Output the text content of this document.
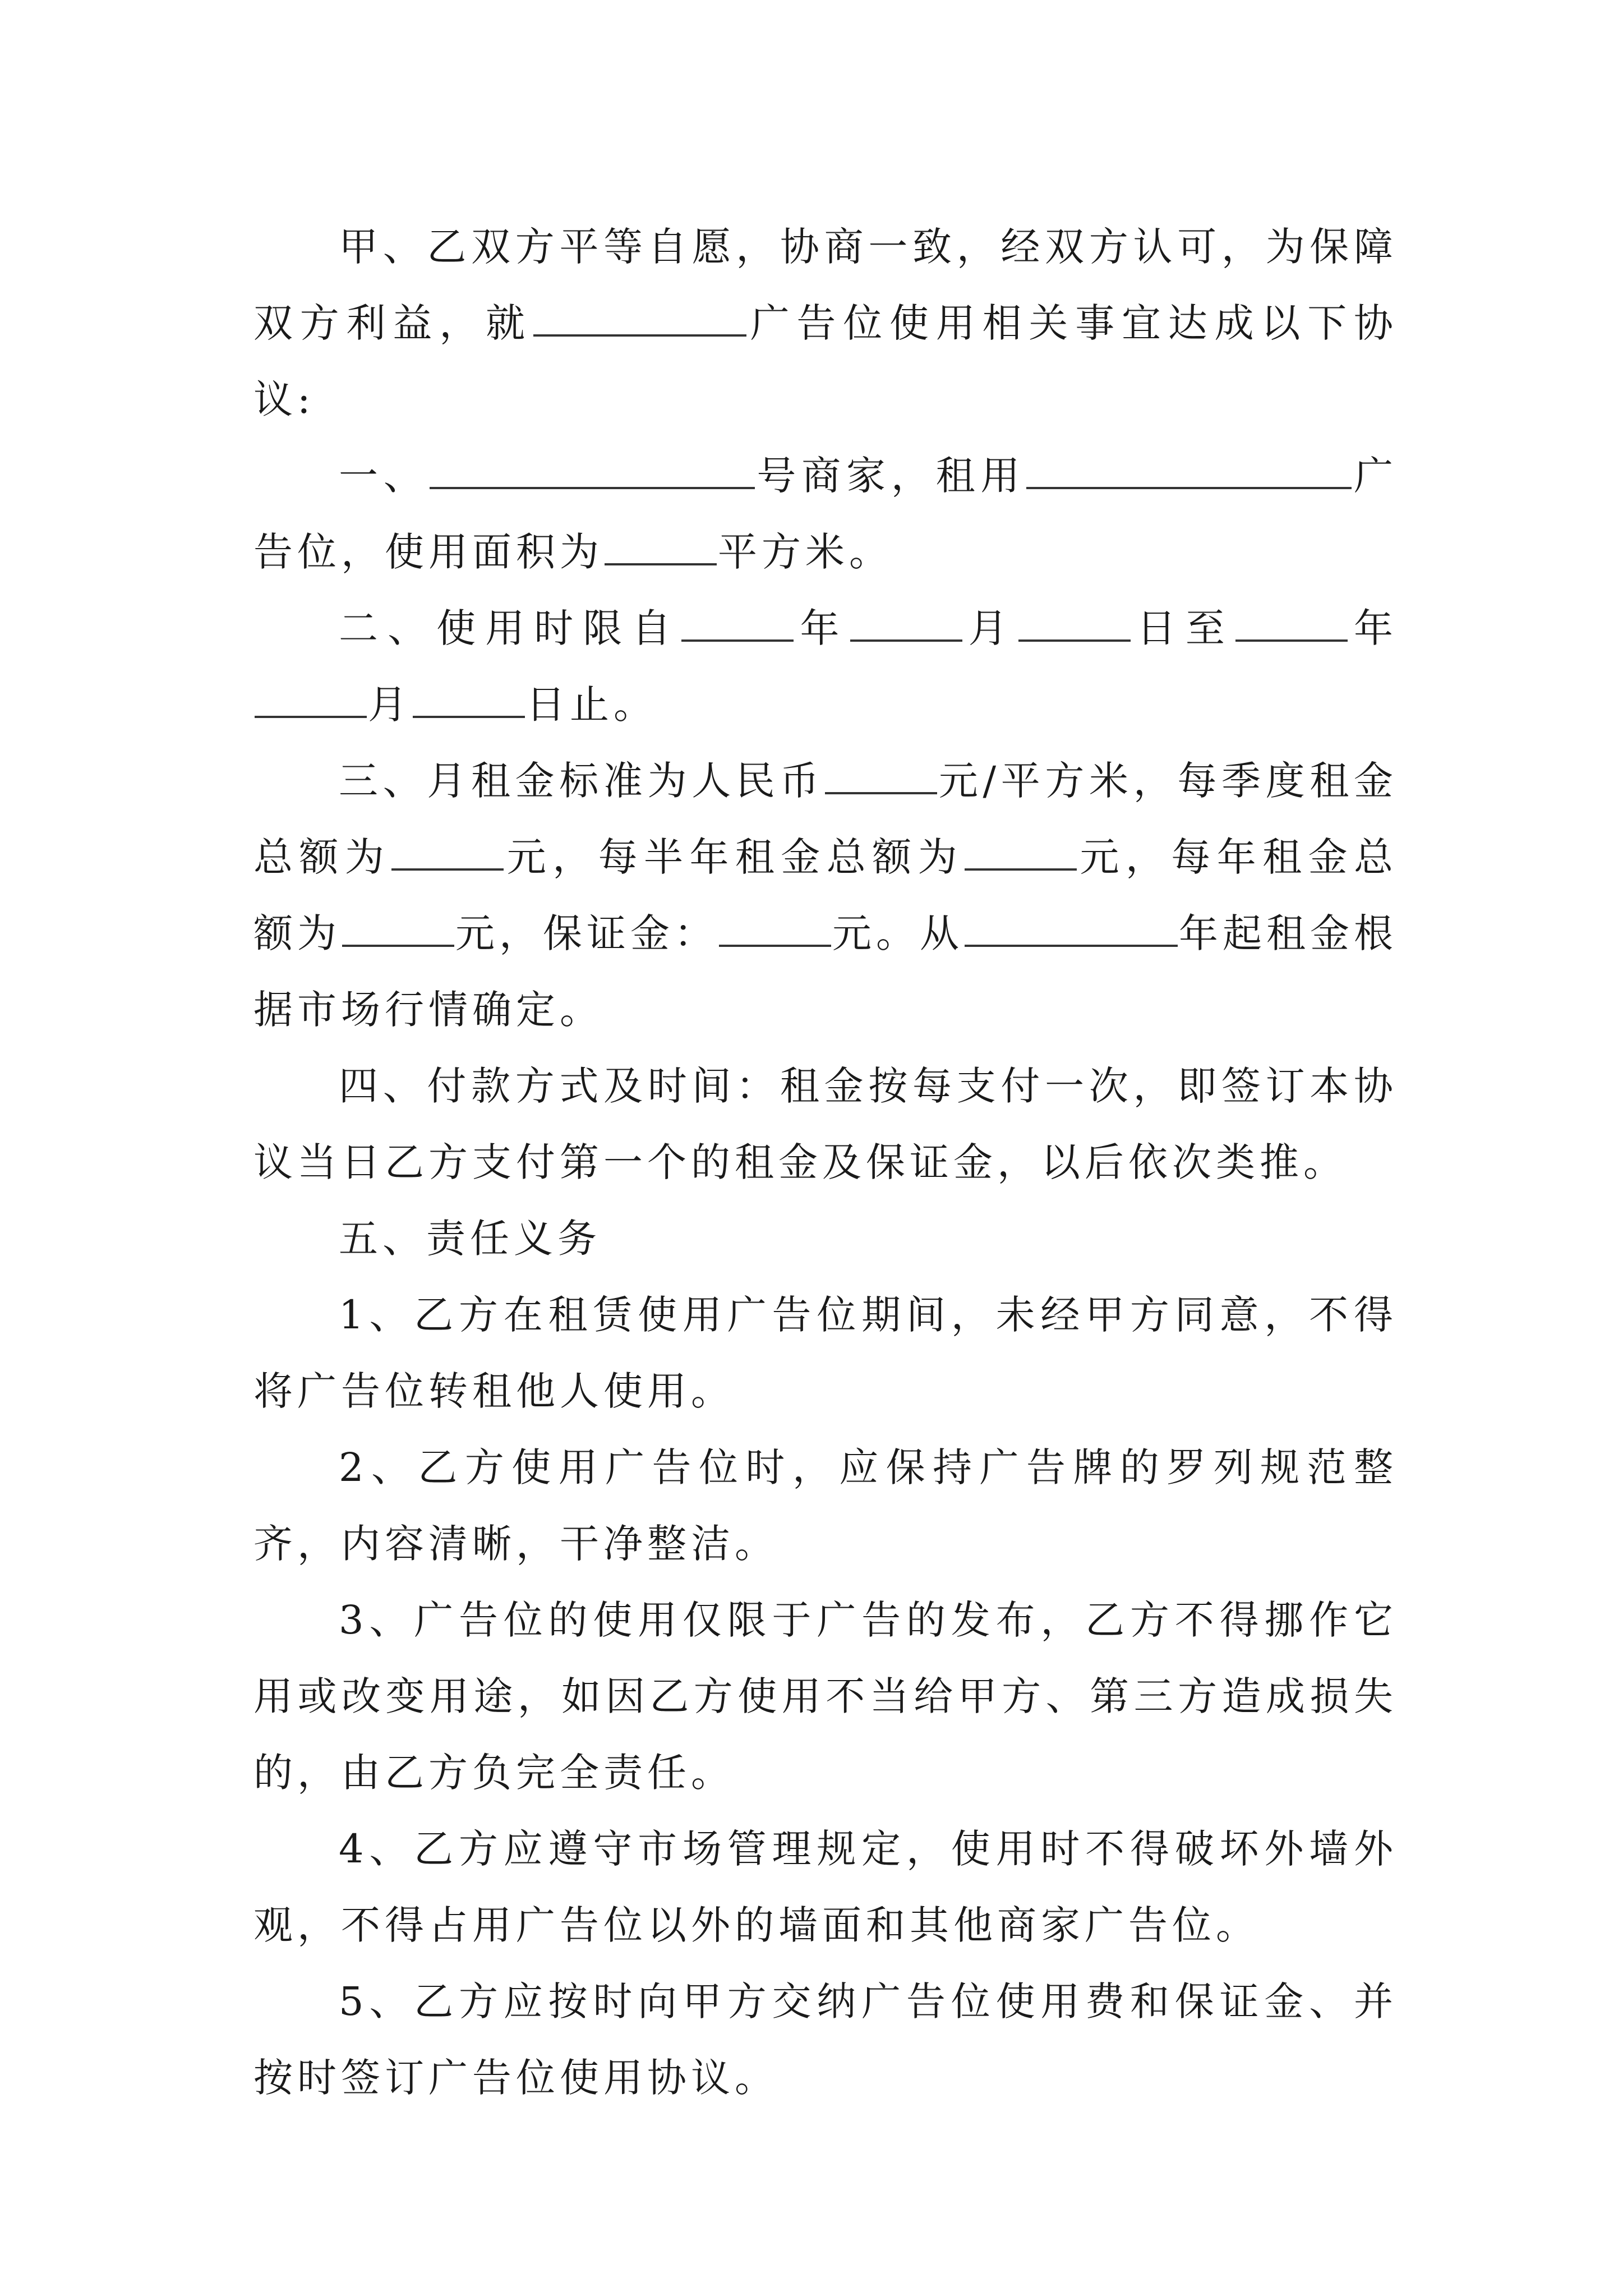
甲、乙双方平等自愿，协商一致，经双方认可，为保障双方利益，就	广告位使用相关事宜达成以下协议:

一、	号商家，租用	广告位，使用面积为	平方米。

二、使用时限自	年	月	日至	年月	日止。

三、月租金标准为人民币	元/平方米，每季度租金总额为	元，每半年租金总额为	元，每年租金总额为	元，保证金：	元。从	年起租金根据市场行情确定。

四、付款方式及时间：租金按每支付一次，即签订本协议当日乙方支付第一个的租金及保证金，以后依次类推。

五、责任义务

1、乙方在租赁使用广告位期间，未经甲方同意，不得将广告位转租他人使用。

2、乙方使用广告位时，应保持广告牌的罗列规范整齐，内容清晰，干净整洁。

3、广告位的使用仅限于广告的发布，乙方不得挪作它用或改变用途，如因乙方使用不当给甲方、第三方造成损失的，由乙方负完全责任。

4、乙方应遵守市场管理规定，使用时不得破坏外墙外观，不得占用广告位以外的墙面和其他商家广告位。

5、乙方应按时向甲方交纳广告位使用费和保证金、并按时签订广告位使用协议。
